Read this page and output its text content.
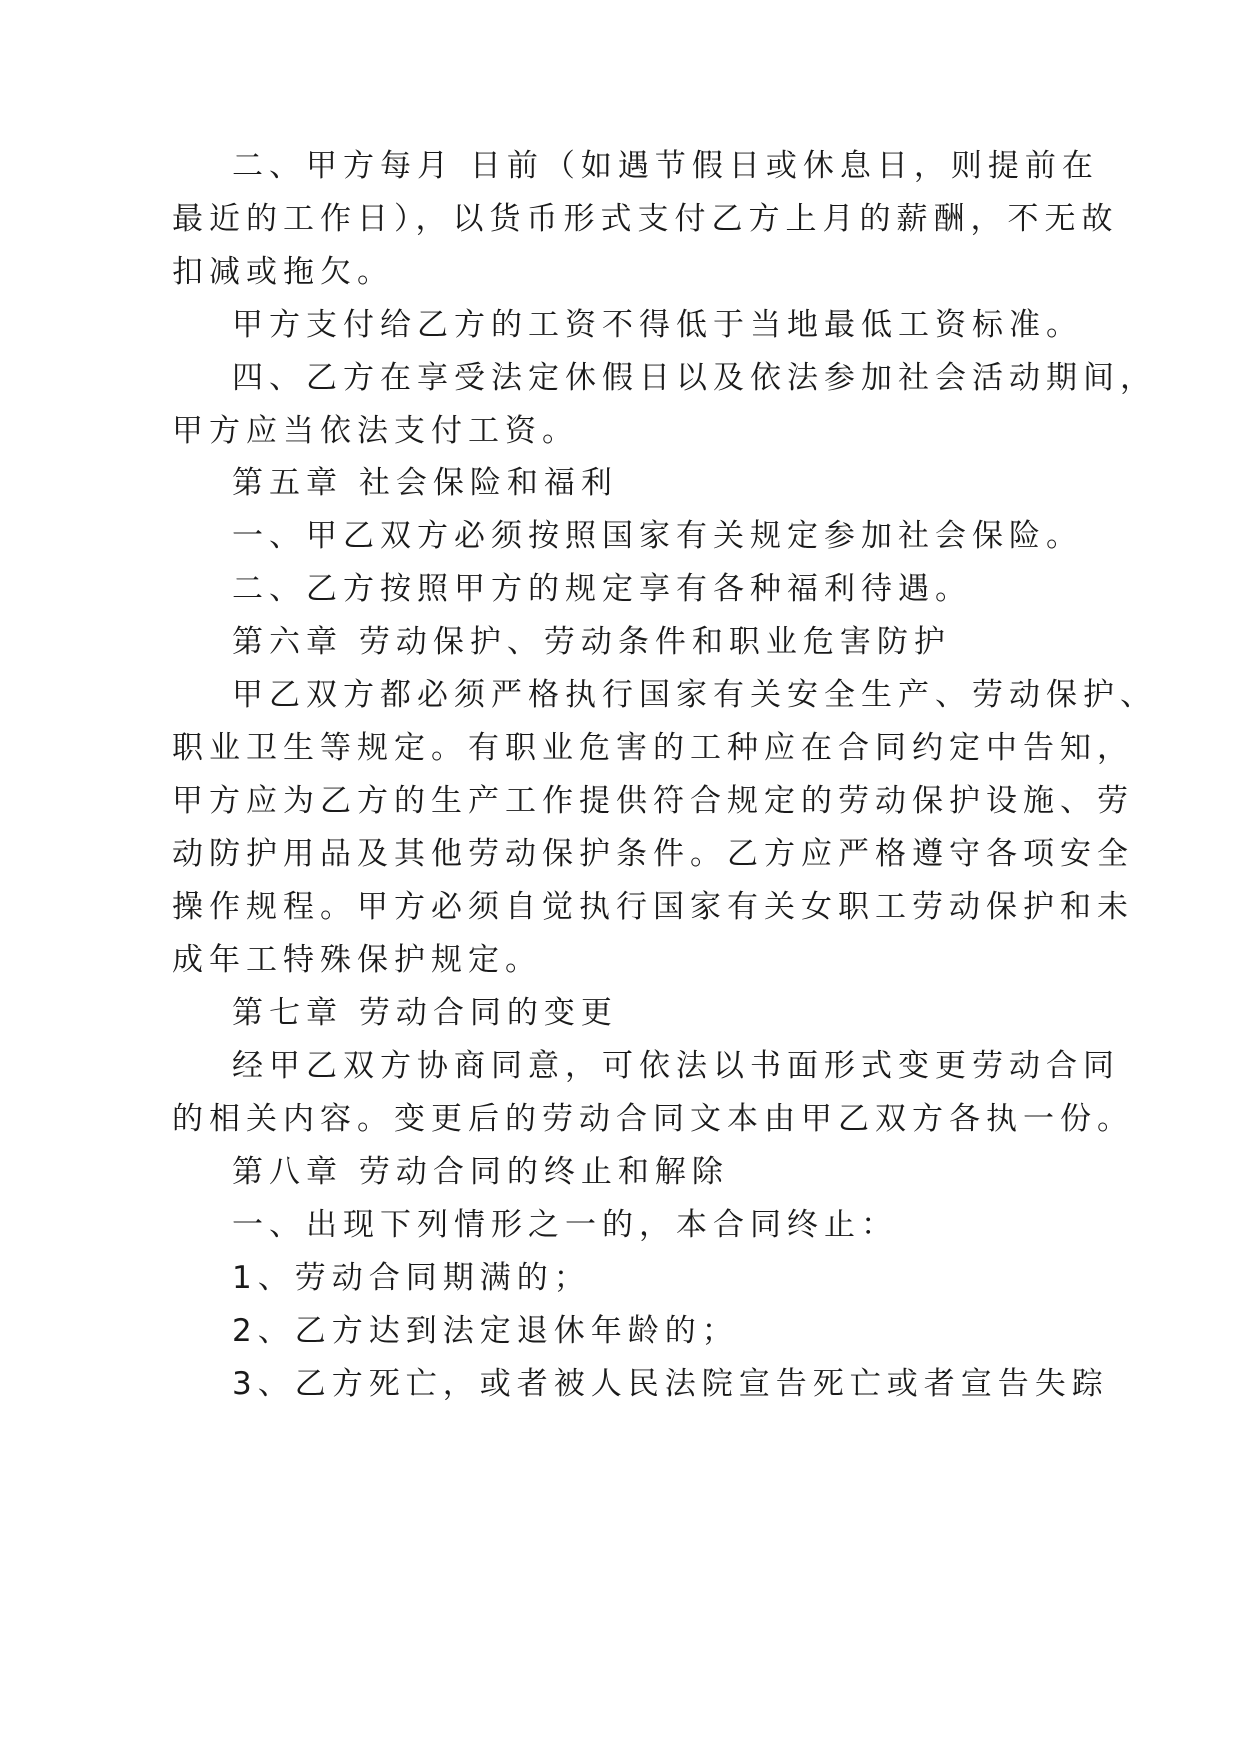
二、甲方每月 日前（如遇节假日或休息日，则提前在
最近的工作日），以货币形式支付乙方上月的薪酬，不无故
扣减或拖欠。
甲方支付给乙方的工资不得低于当地最低工资标准。
四、乙方在享受法定休假日以及依法参加社会活动期间，
甲方应当依法支付工资。
第五章 社会保险和福利
一、甲乙双方必须按照国家有关规定参加社会保险。
二、乙方按照甲方的规定享有各种福利待遇。
第六章 劳动保护、劳动条件和职业危害防护
甲乙双方都必须严格执行国家有关安全生产、劳动保护、
职业卫生等规定。有职业危害的工种应在合同约定中告知，
甲方应为乙方的生产工作提供符合规定的劳动保护设施、劳
动防护用品及其他劳动保护条件。乙方应严格遵守各项安全
操作规程。甲方必须自觉执行国家有关女职工劳动保护和未
成年工特殊保护规定。
第七章 劳动合同的变更
经甲乙双方协商同意，可依法以书面形式变更劳动合同
的相关内容。变更后的劳动合同文本由甲乙双方各执一份。
第八章 劳动合同的终止和解除
一、出现下列情形之一的，本合同终止：
1、劳动合同期满的；
2、乙方达到法定退休年龄的；
3、乙方死亡，或者被人民法院宣告死亡或者宣告失踪
